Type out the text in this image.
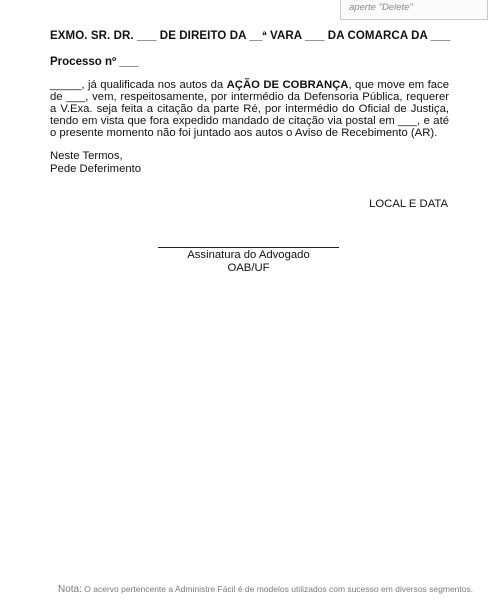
aperte "Delete"
EXMO. SR. DR. ___ DE DIREITO DA __ª VARA ___ DA COMARCA DA ___
Processo nº ___
_____, já qualificada nos autos da AÇÃO DE COBRANÇA, que move em face de ___, vem, respeitosamente, por intermédio da Defensoria Pública, requerer a V.Exa. seja feita a citação da parte Ré, por intermédio do Oficial de Justiça, tendo em vista que fora expedido mandado de citação via postal em ___, e até o presente momento não foi juntado aos autos o Aviso de Recebimento (AR).
Neste Termos,
Pede Deferimento
LOCAL E DATA
Assinatura do Advogado
OAB/UF
Nota: O acervo pertencente a Administre Fácil é de modelos utilizados com sucesso em diversos segmentos.
